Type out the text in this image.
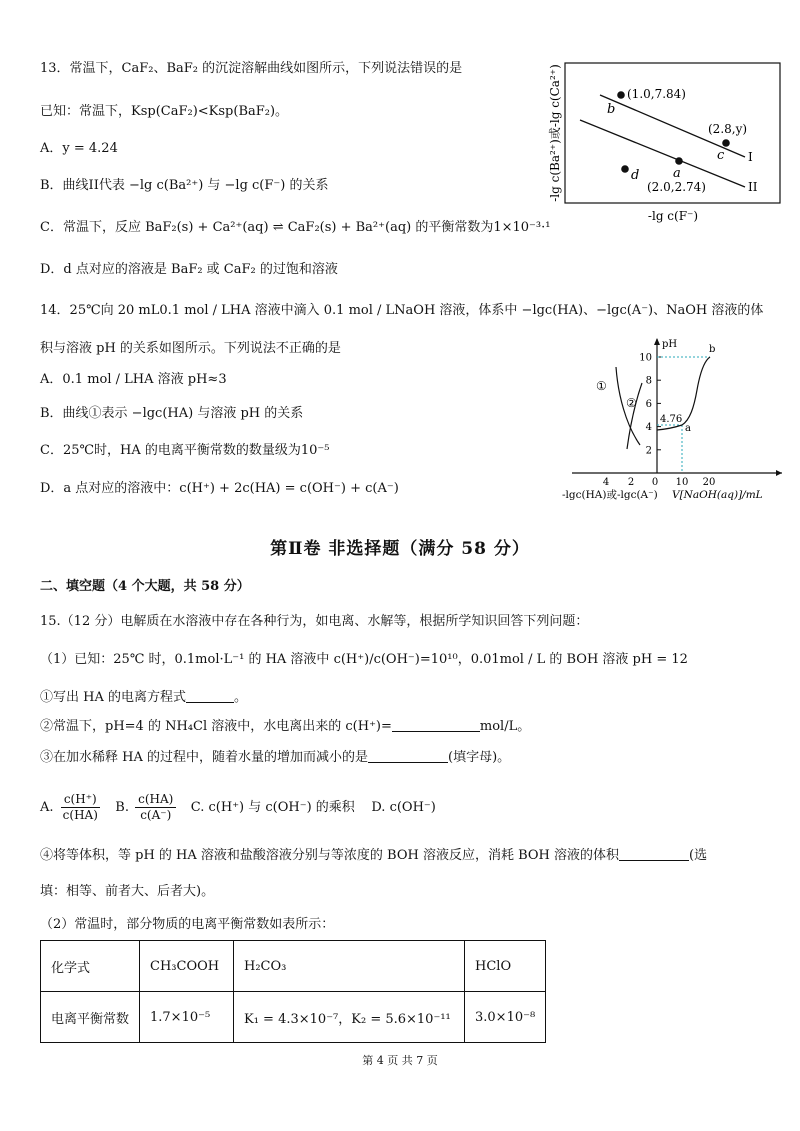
13．常温下，CaF₂、BaF₂ 的沉淀溶解曲线如图所示，下列说法错误的是
已知：常温下，Ksp(CaF₂)<Ksp(BaF₂)。
A．y = 4.24
B．曲线II代表 −lg c(Ba²⁺) 与 −lg c(F⁻) 的关系
C．常温下，反应 BaF₂(s) + Ca²⁺(aq) ⇌ CaF₂(s) + Ba²⁺(aq) 的平衡常数为1×10⁻³·¹
D．d 点对应的溶液是 BaF₂ 或 CaF₂ 的过饱和溶液
-lg c(Ba²⁺)或-lg c(Ca²⁺)
-lg c(F⁻)
(1.0,7.84)
b
(2.8,y)
c
a
(2.0,2.74)
d
I
II
14．25℃向 20 mL0.1 mol / LHA 溶液中滴入 0.1 mol / LNaOH 溶液，体系中 −lgc(HA)、−lgc(A⁻)、NaOH 溶液的体
积与溶液 pH 的关系如图所示。下列说法不正确的是
A．0.1 mol / LHA 溶液 pH≈3
B．曲线①表示 −lgc(HA) 与溶液 pH 的关系
C．25℃时，HA 的电离平衡常数的数量级为10⁻⁵
D．a 点对应的溶液中：c(H⁺) + 2c(HA) = c(OH⁻) + c(A⁻)
pH
2
4
6
8
10
4 2 0 10 20
-lgc(HA)或-lgc(A⁻) V[NaOH(aq)]/mL
①
②
4.76
a
b
第Ⅱ卷 非选择题（满分 58 分）
二、填空题（4 个大题，共 58 分）
15.（12 分）电解质在水溶液中存在各种行为，如电离、水解等，根据所学知识回答下列问题：
（1）已知：25℃ 时，0.1mol·L⁻¹ 的 HA 溶液中 c(H⁺)/c(OH⁻)=10¹⁰，0.01mol / L 的 BOH 溶液 pH = 12
①写出 HA 的电离方程式	。
②常温下，pH=4 的 NH₄Cl 溶液中，水电离出来的 c(H⁺)=	mol/L。
③在加水稀释 HA 的过程中，随着水量的增加而减小的是	(填字母)。
A. $\frac{c(H^+)}{c(HA)} B$. $\frac{c(HA)}{c(A^-)} C$. c(H⁺) 与 c(OH⁻) 的乘积 D. c(OH⁻)
④将等体积，等 pH 的 HA 溶液和盐酸溶液分别与等浓度的 BOH 溶液反应，消耗 BOH 溶液的体积	(选
填：相等、前者大、后者大)。
（2）常温时，部分物质的电离平衡常数如表所示：
化学式	CH₃COOH	H₂CO₃	HClO
电离平衡常数	1.7×10⁻⁵	K₁ = 4.3×10⁻⁷，K₂ = 5.6×10⁻¹¹	3.0×10⁻⁸
第 4 页 共 7 页
